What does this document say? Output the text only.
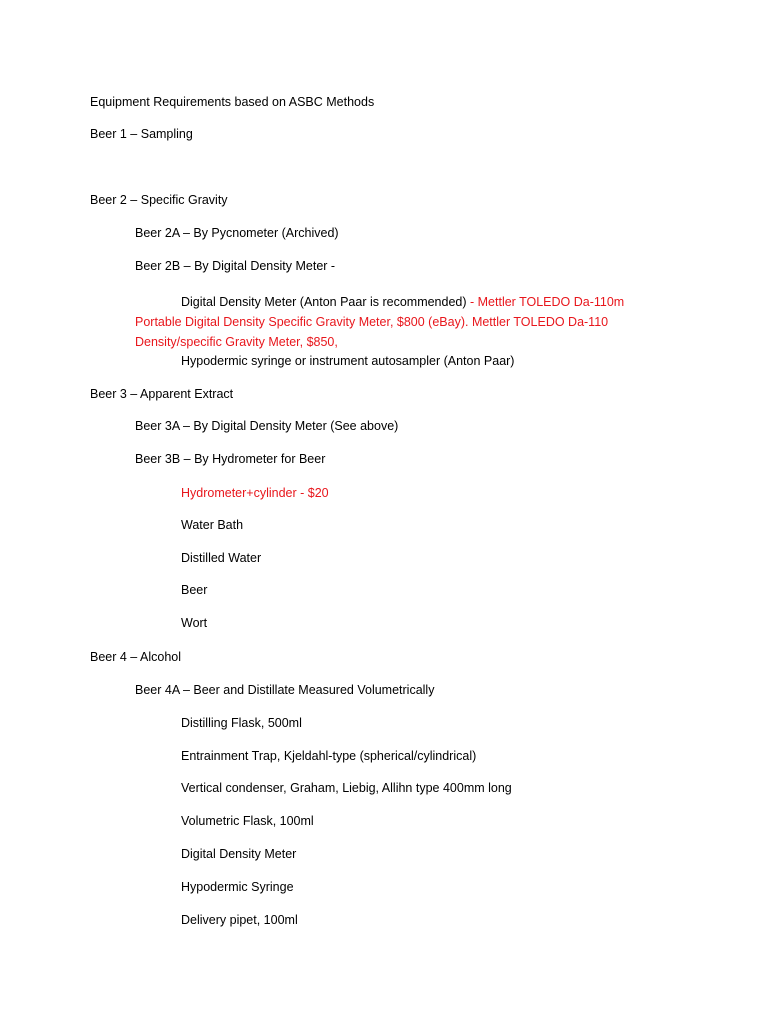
Equipment Requirements based on ASBC Methods
Beer 1 – Sampling
Beer 2 – Specific Gravity
Beer 2A – By Pycnometer (Archived)
Beer 2B – By Digital Density Meter -
Digital Density Meter (Anton Paar is recommended) - Mettler TOLEDO Da-110m Portable Digital Density Specific Gravity Meter, $800 (eBay). Mettler TOLEDO Da-110 Density/specific Gravity Meter, $850,
Hypodermic syringe or instrument autosampler (Anton Paar)
Beer 3 – Apparent Extract
Beer 3A – By Digital Density Meter (See above)
Beer 3B – By Hydrometer for Beer
Hydrometer+cylinder - $20
Water Bath
Distilled Water
Beer
Wort
Beer 4 – Alcohol
Beer 4A – Beer and Distillate Measured Volumetrically
Distilling Flask, 500ml
Entrainment Trap, Kjeldahl-type (spherical/cylindrical)
Vertical condenser, Graham, Liebig, Allihn type 400mm long
Volumetric Flask, 100ml
Digital Density Meter
Hypodermic Syringe
Delivery pipet, 100ml
